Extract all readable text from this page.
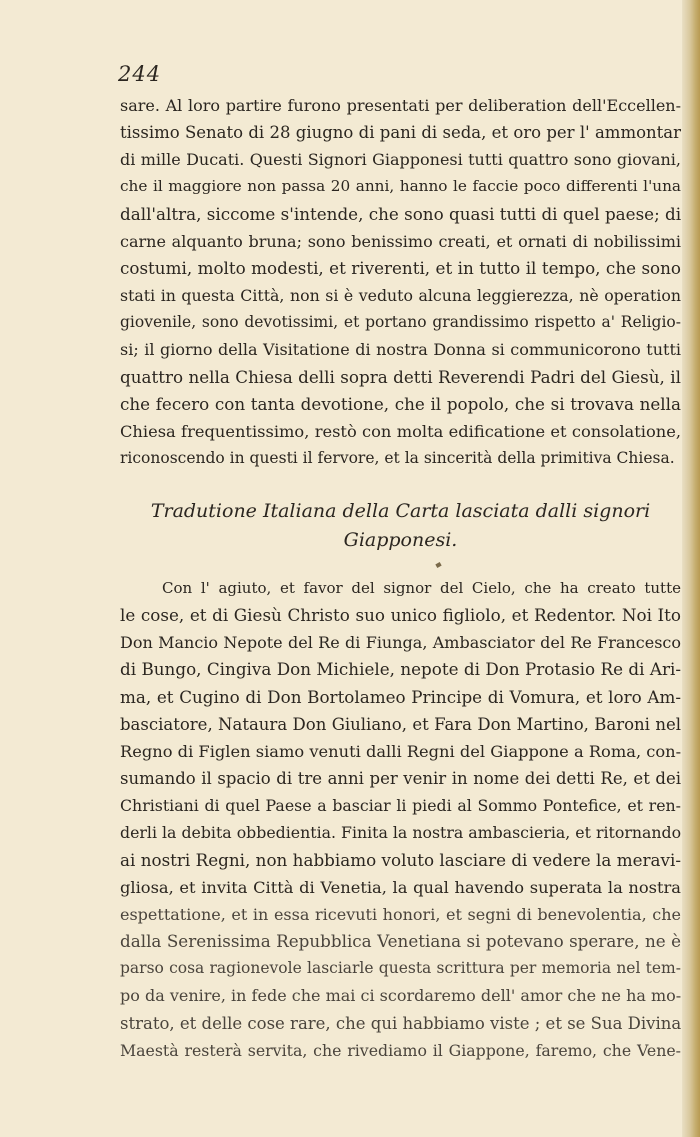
244
sare. Al loro partire furono presentati per deliberation dell'Eccellen-
tissimo Senato di 28 giugno di pani di seda, et oro per l' ammontar
di mille Ducati. Questi Signori Giapponesi tutti quattro sono giovani,
che il maggiore non passa 20 anni, hanno le faccie poco differenti l'una
dall'altra, siccome s'intende, che sono quasi tutti di quel paese; di
carne alquanto bruna; sono benissimo creati, et ornati di nobilissimi
costumi, molto modesti, et riverenti, et in tutto il tempo, che sono
stati in questa Città, non si è veduto alcuna leggierezza, nè operation
giovenile, sono devotissimi, et portano grandissimo rispetto a' Religio-
si; il giorno della Visitatione di nostra Donna si communicorono tutti
quattro nella Chiesa delli sopra detti Reverendi Padri del Giesù, il
che fecero con tanta devotione, che il popolo, che si trovava nella
Chiesa frequentissimo, restò con molta edificatione et consolatione,
riconoscendo in questi il fervore, et la sincerità della primitiva Chiesa.
Tradutione Italiana della Carta lasciata dalli signori
Giapponesi.
Con l' agiuto, et favor del signor del Cielo, che ha creato tutte
le cose, et di Giesù Christo suo unico figliolo, et Redentor. Noi Ito
Don Mancio Nepote del Re di Fiunga, Ambasciator del Re Francesco
di Bungo, Cingiva Don Michiele, nepote di Don Protasio Re di Ari-
ma, et Cugino di Don Bortolameo Principe di Vomura, et loro Am-
basciatore, Nataura Don Giuliano, et Fara Don Martino, Baroni nel
Regno di Figlen siamo venuti dalli Regni del Giappone a Roma, con-
sumando il spacio di tre anni per venir in nome dei detti Re, et dei
Christiani di quel Paese a basciar li piedi al Sommo Pontefice, et ren-
derli la debita obbedientia. Finita la nostra ambascieria, et ritornando
ai nostri Regni, non habbiamo voluto lasciare di vedere la meravi-
gliosa, et invita Città di Venetia, la qual havendo superata la nostra
espettatione, et in essa ricevuti honori, et segni di benevolentia, che
dalla Serenissima Repubblica Venetiana si potevano sperare, ne è
parso cosa ragionevole lasciarle questa scrittura per memoria nel tem-
po da venire, in fede che mai ci scordaremo dell' amor che ne ha mo-
strato, et delle cose rare, che qui habbiamo viste ; et se Sua Divina
Maestà resterà servita, che rivediamo il Giappone, faremo, che Vene-
